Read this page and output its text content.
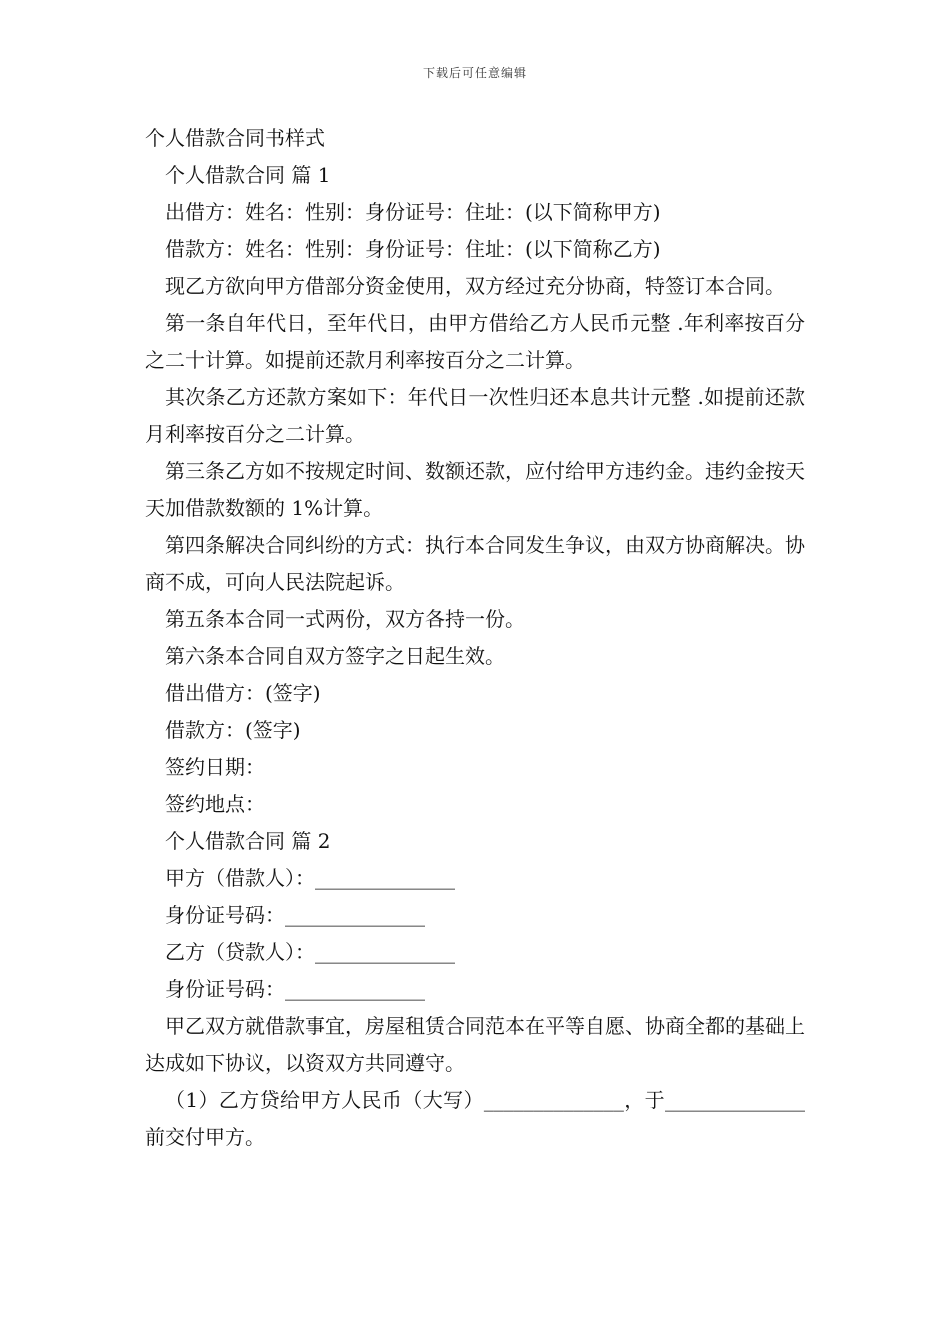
下载后可任意编辑

个人借款合同书样式

个人借款合同 篇 1

出借方：姓名：性别：身份证号：住址：(以下简称甲方)

借款方：姓名：性别：身份证号：住址：(以下简称乙方)

现乙方欲向甲方借部分资金使用，双方经过充分协商，特签订本合同。

第一条自年代日，至年代日，由甲方借给乙方人民币元整 .年利率按百分之二十计算。如提前还款月利率按百分之二计算。

其次条乙方还款方案如下：年代日一次性归还本息共计元整 .如提前还款月利率按百分之二计算。

第三条乙方如不按规定时间、数额还款，应付给甲方违约金。违约金按天天加借款数额的 1%计算。

第四条解决合同纠纷的方式：执行本合同发生争议，由双方协商解决。协商不成，可向人民法院起诉。

第五条本合同一式两份，双方各持一份。

第六条本合同自双方签字之日起生效。

借出借方：(签字)

借款方：(签字)

签约日期：

签约地点：

个人借款合同 篇 2

甲方（借款人）：______________

身份证号码：______________

乙方（贷款人）：______________

身份证号码：______________

甲乙双方就借款事宜，房屋租赁合同范本在平等自愿、协商全都的基础上达成如下协议，以资双方共同遵守。

（1）乙方贷给甲方人民币（大写）______________，于______________前交付甲方。
